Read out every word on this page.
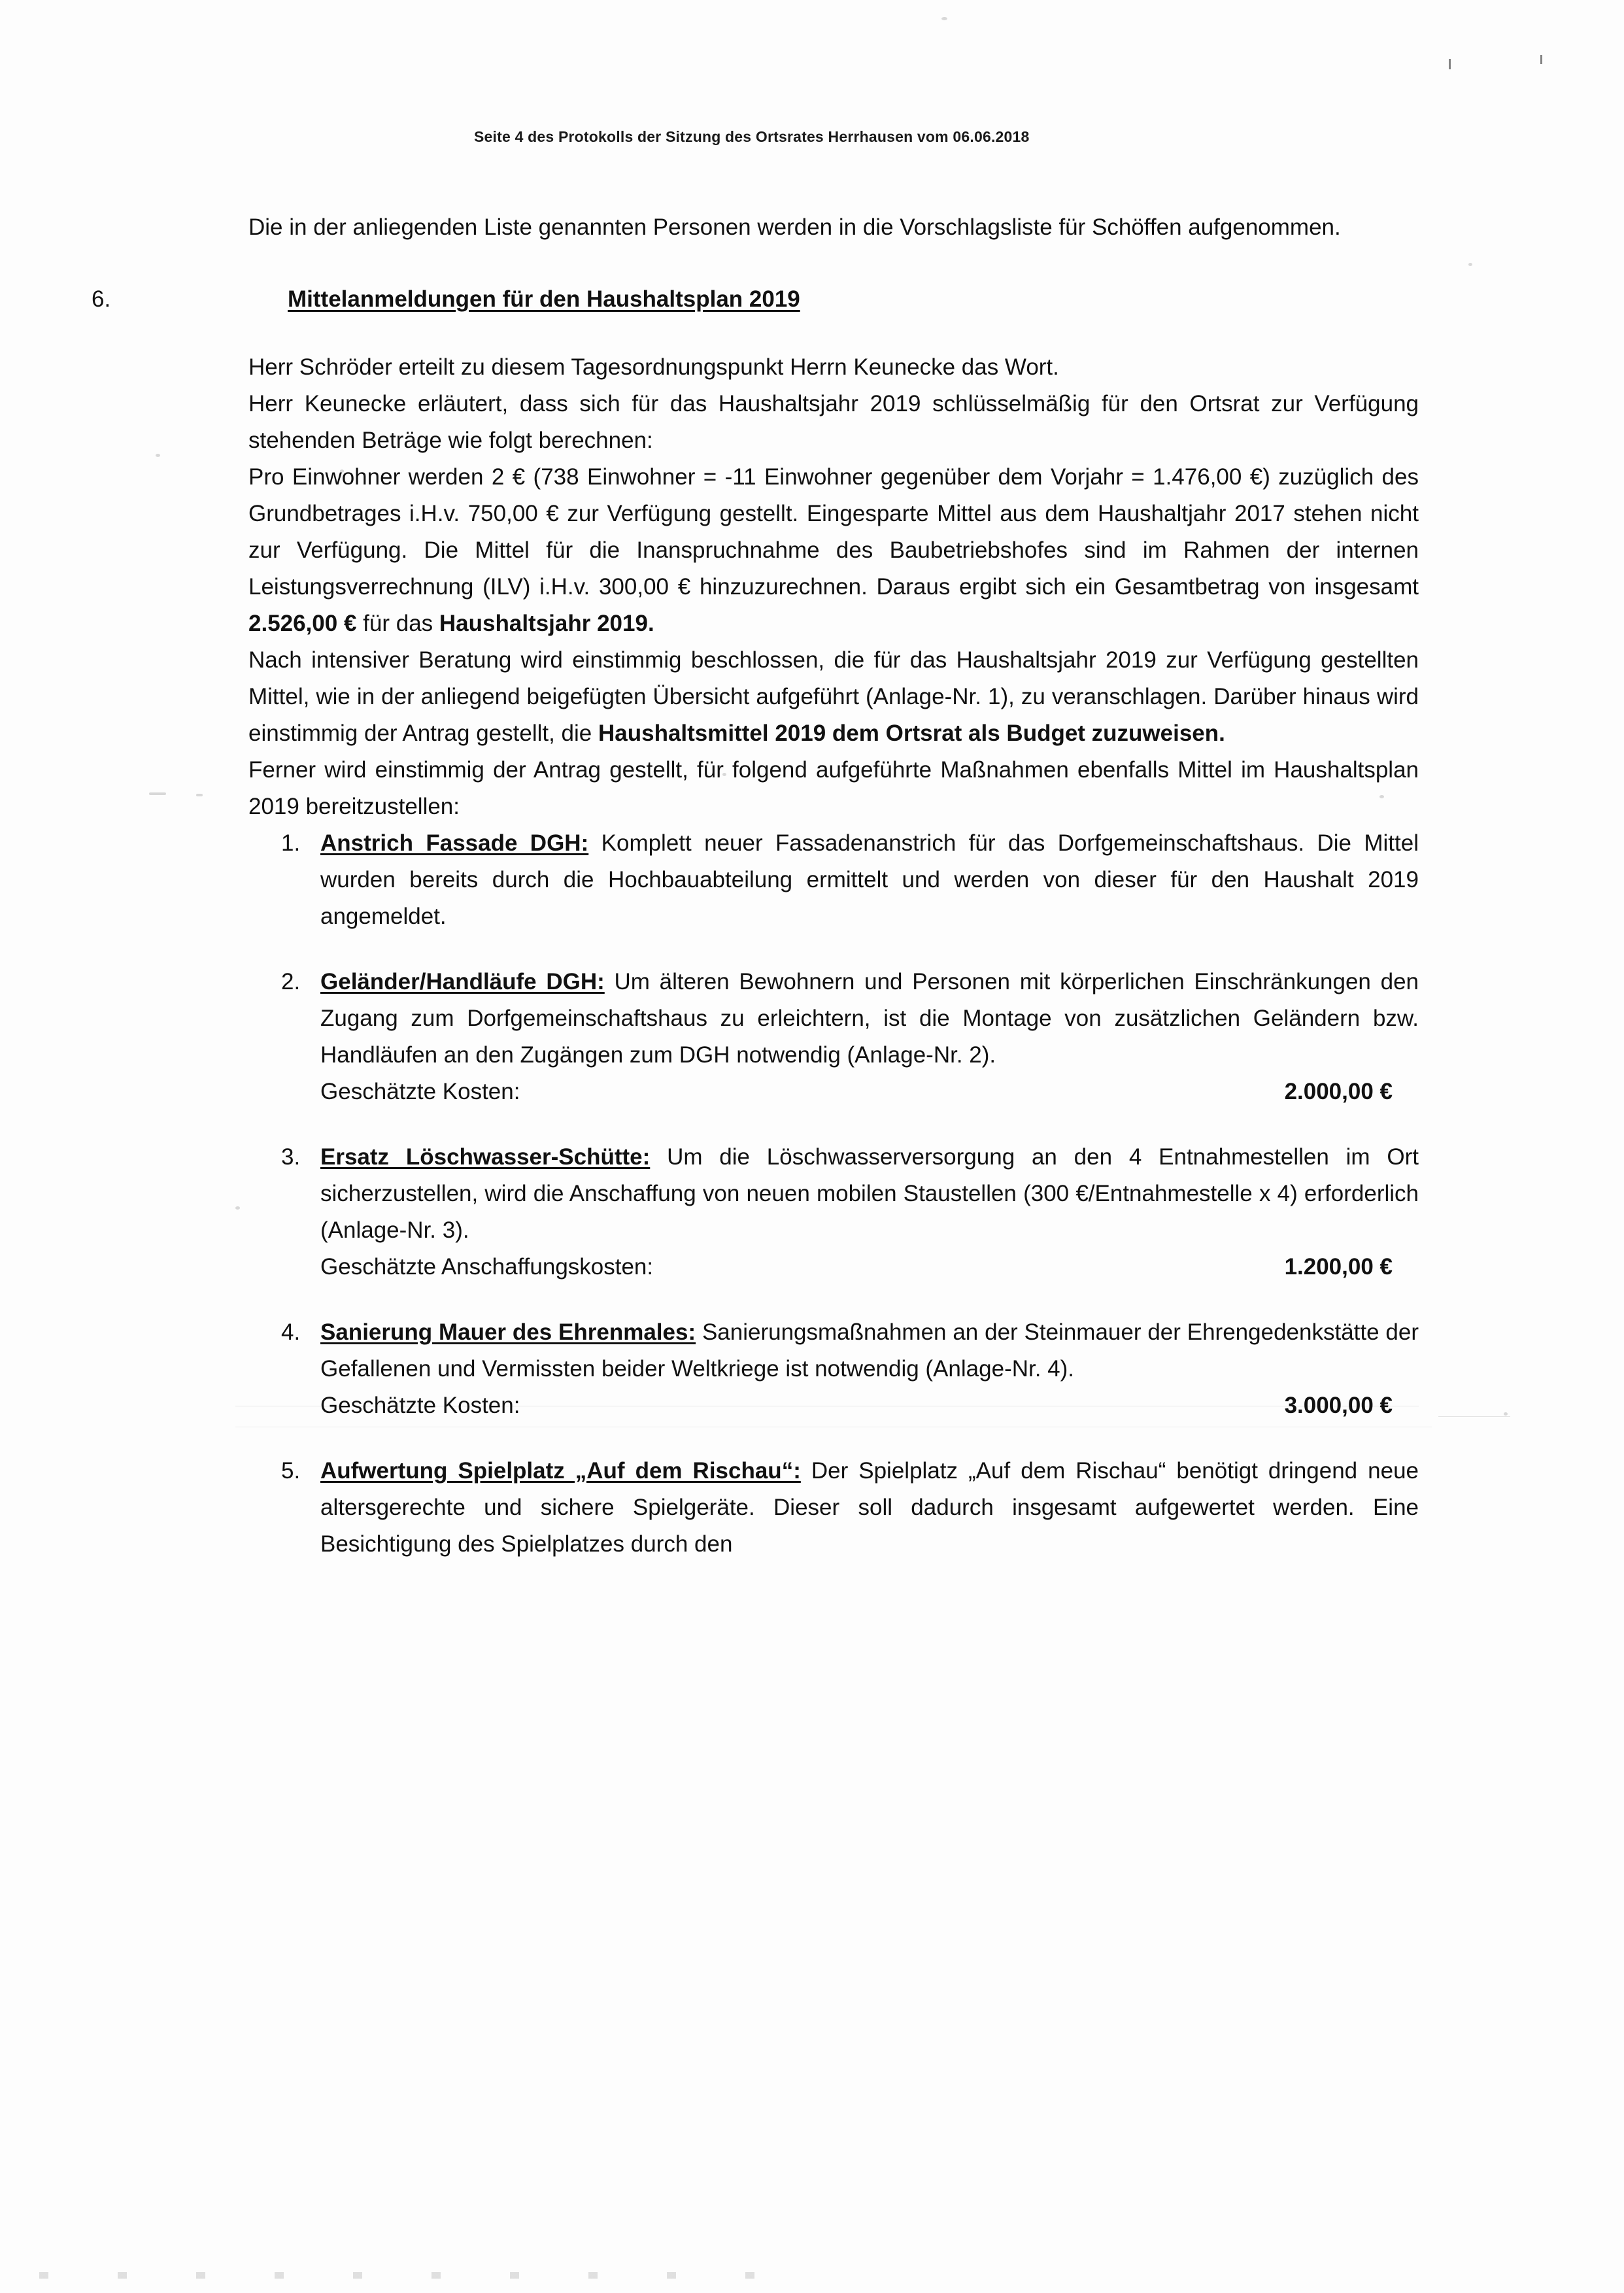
Seite 4 des Protokolls der Sitzung des Ortsrates Herrhausen vom 06.06.2018

Die in der anliegenden Liste genannten Personen werden in die Vorschlagsliste für Schöffen aufgenommen.

6.	Mittelanmeldungen für den Haushaltsplan 2019

Herr Schröder erteilt zu diesem Tagesordnungspunkt Herrn Keunecke das Wort.

Herr Keunecke erläutert, dass sich für das Haushaltsjahr 2019 schlüsselmäßig für den Ortsrat zur Verfügung stehenden Beträge wie folgt berechnen:

Pro Einwohner werden 2 € (738 Einwohner = -11 Einwohner gegenüber dem Vorjahr = 1.476,00 €) zuzüglich des Grundbetrages i.H.v. 750,00 € zur Verfügung gestellt. Eingesparte Mittel aus dem Haushaltjahr 2017 stehen nicht zur Verfügung. Die Mittel für die Inanspruchnahme des Baubetriebshofes sind im Rahmen der internen Leistungsverrechnung (ILV) i.H.v. 300,00 € hinzuzurechnen. Daraus ergibt sich ein Gesamtbetrag von insgesamt 2.526,00 € für das Haushaltsjahr 2019.

Nach intensiver Beratung wird einstimmig beschlossen, die für das Haushaltsjahr 2019 zur Verfügung gestellten Mittel, wie in der anliegend beigefügten Übersicht aufgeführt (Anlage-Nr. 1), zu veranschlagen. Darüber hinaus wird einstimmig der Antrag gestellt, die Haushaltsmittel 2019 dem Ortsrat als Budget zuzuweisen.

Ferner wird einstimmig der Antrag gestellt, für folgend aufgeführte Maßnahmen ebenfalls Mittel im Haushaltsplan 2019 bereitzustellen:

1. Anstrich Fassade DGH: Komplett neuer Fassadenanstrich für das Dorfgemeinschaftshaus. Die Mittel wurden bereits durch die Hochbauabteilung ermittelt und werden von dieser für den Haushalt 2019 angemeldet.
2. Geländer/Handläufe DGH: Um älteren Bewohnern und Personen mit körperlichen Einschränkungen den Zugang zum Dorfgemeinschaftshaus zu erleichtern, ist die Montage von zusätzlichen Geländern bzw. Handläufen an den Zugängen zum DGH notwendig (Anlage-Nr. 2).
Geschätzte Kosten:	2.000,00 €
3. Ersatz Löschwasser-Schütte: Um die Löschwasserversorgung an den 4 Entnahmestellen im Ort sicherzustellen, wird die Anschaffung von neuen mobilen Staustellen (300 €/Entnahmestelle x 4) erforderlich (Anlage-Nr. 3).
Geschätzte Anschaffungskosten:	1.200,00 €
4. Sanierung Mauer des Ehrenmales: Sanierungsmaßnahmen an der Steinmauer der Ehrengedenkstätte der Gefallenen und Vermissten beider Weltkriege ist notwendig (Anlage-Nr. 4).
Geschätzte Kosten:	3.000,00 €
5. Aufwertung Spielplatz „Auf dem Rischau“: Der Spielplatz „Auf dem Rischau“ benötigt dringend neue altersgerechte und sichere Spielgeräte. Dieser soll dadurch insgesamt aufgewertet werden. Eine Besichtigung des Spielplatzes durch den
